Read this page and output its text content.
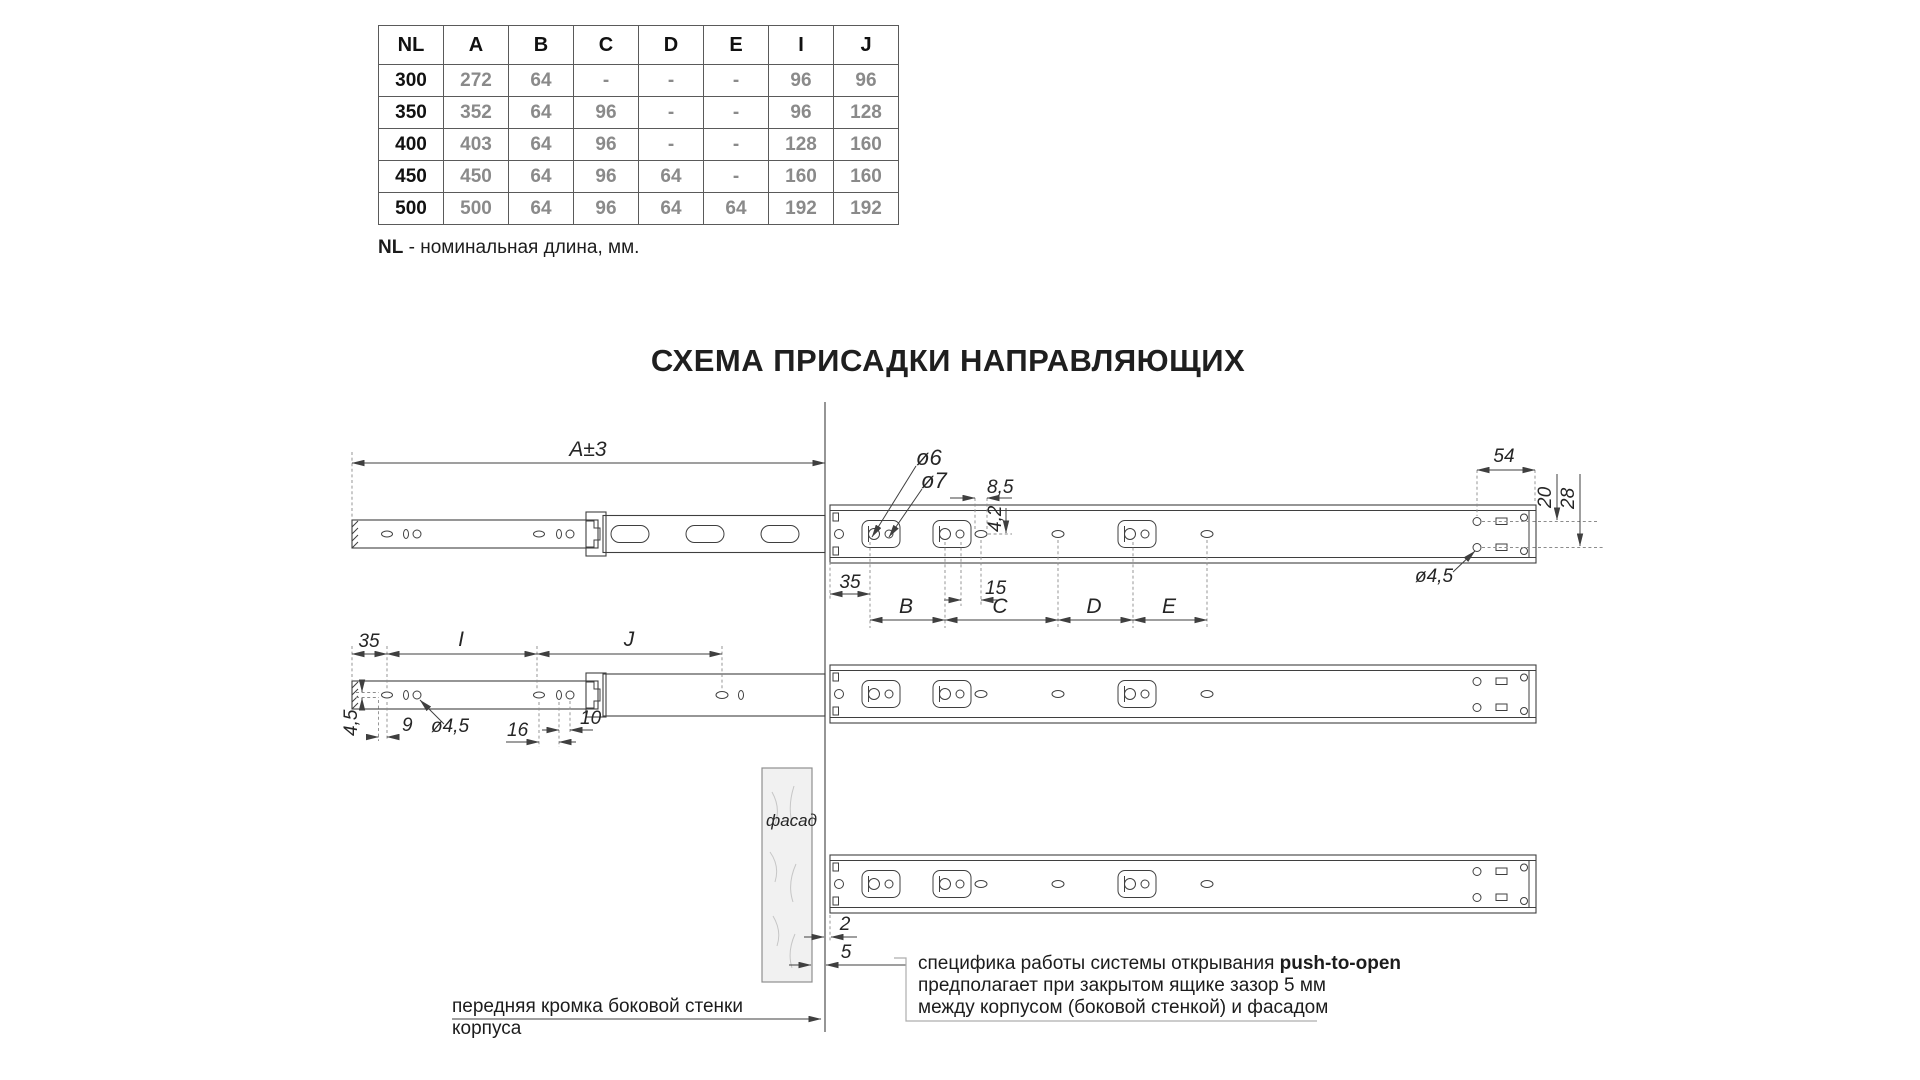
NL	A	B	C	D	E	I	J
300	272	64	-	-	-	96	96
350	352	64	96	-	-	96	128
400	403	64	96	-	-	128	160
450	450	64	96	64	-	160	160
500	500	64	96	64	64	192	192
NL - номинальная длина, мм.
СХЕМА ПРИСАДКИ НАПРАВЛЯЮЩИХ
A±3	ø6
ø7 8,5
4,2
54
20 28
ø4,5
35	15
B	C	D	E
35	I	J
4,5 9 ø4,5 16
10
фасад
2
5
передняя кромка боковой стенки корпуса
специфика работы системы открывания push-to-open
предполагает при закрытом ящике зазор 5 мм
между корпусом (боковой стенкой) и фасадом
